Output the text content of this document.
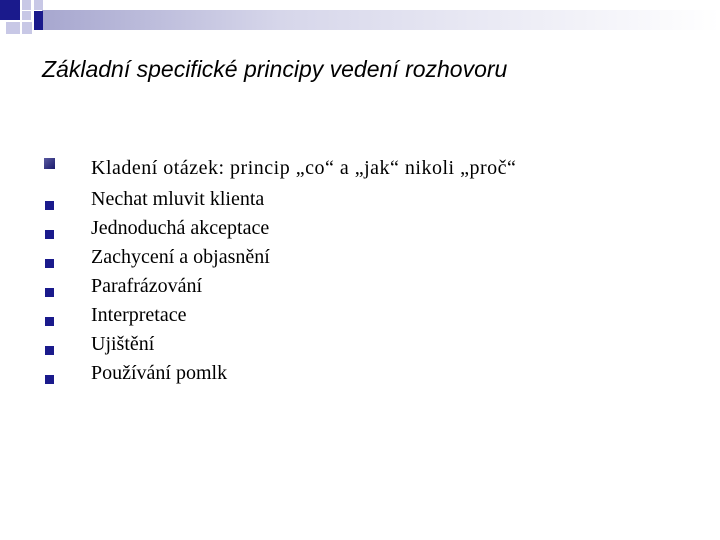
Základní specifické principy vedení rozhovoru
Kladení otázek: princip „co“ a „jak“ nikoli „proč“
Nechat mluvit klienta
Jednoduchá akceptace
Zachycení a objasnění
Parafrázování
Interpretace
Ujištění
Používání pomlk
